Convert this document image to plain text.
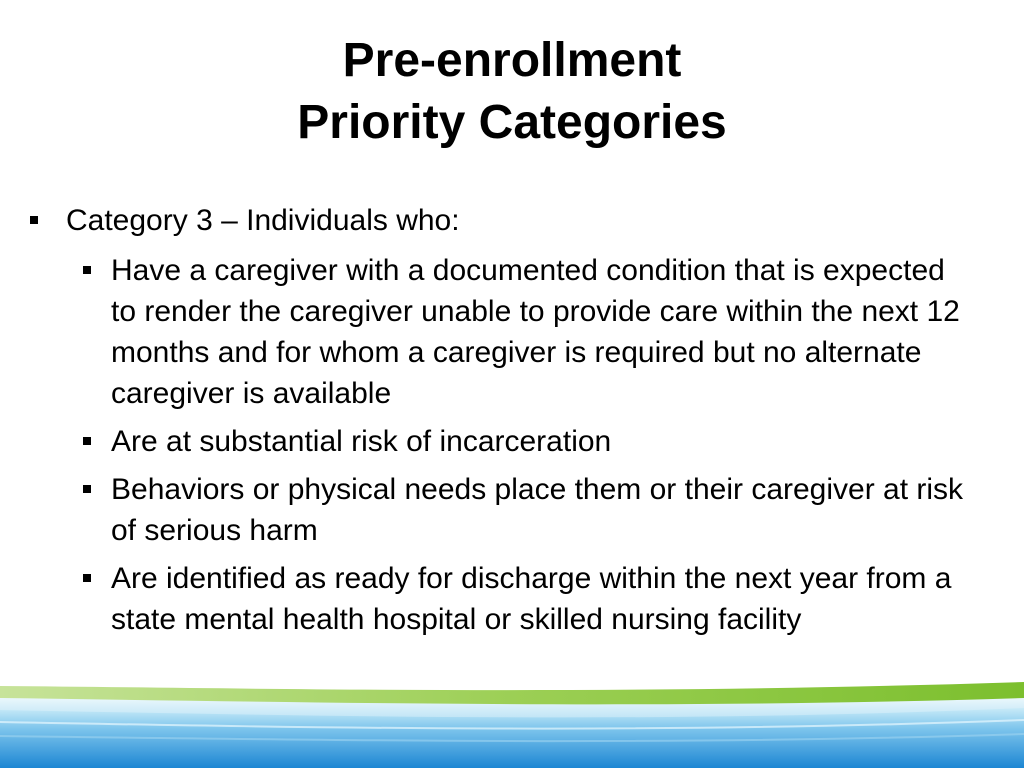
Pre-enrollment
Priority Categories
Category 3 – Individuals who:
Have a caregiver with a documented condition that is expected to render the caregiver unable to provide care within the next 12 months and for whom a caregiver is required but no alternate caregiver is available
Are at substantial risk of incarceration
Behaviors or physical needs place them or their caregiver at risk of serious harm
Are identified as ready for discharge within the next year from a state mental health hospital or skilled nursing facility
